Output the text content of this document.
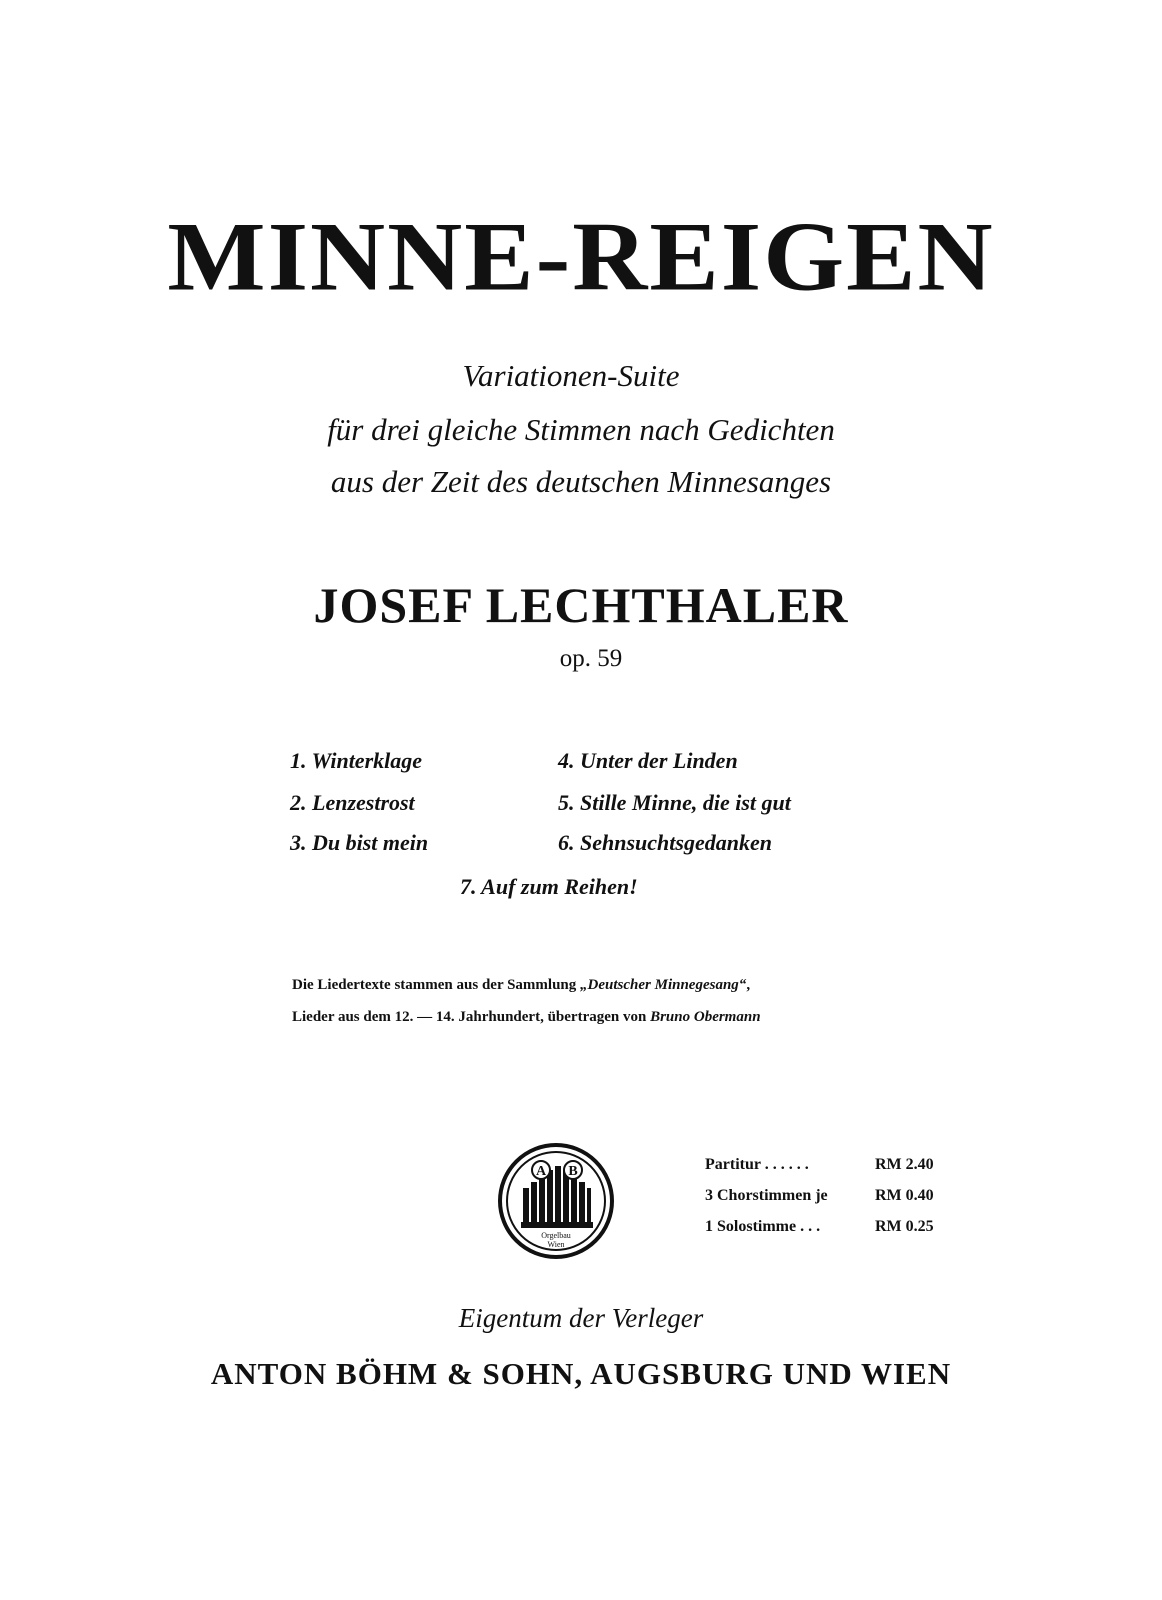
MINNE-REIGEN
Variationen-Suite
für drei gleiche Stimmen nach Gedichten
aus der Zeit des deutschen Minnesanges
JOSEF LECHTHALER
op. 59
1. Winterklage
2. Lenzestrost
3. Du bist mein
4. Unter der Linden
5. Stille Minne, die ist gut
6. Sehnsuchtsgedanken
7. Auf zum Reihen!
Die Liedertexte stammen aus der Sammlung „Deutscher Minnegesang“,
Lieder aus dem 12. — 14. Jahrhundert, übertragen von Bruno Obermann
A B
Orgelbau
Wien
Partitur . . . . . .	RM 2.40
3 Chorstimmen je	RM 0.40
1 Solostimme . . .	RM 0.25
Eigentum der Verleger
ANTON BÖHM & SOHN, AUGSBURG UND WIEN
